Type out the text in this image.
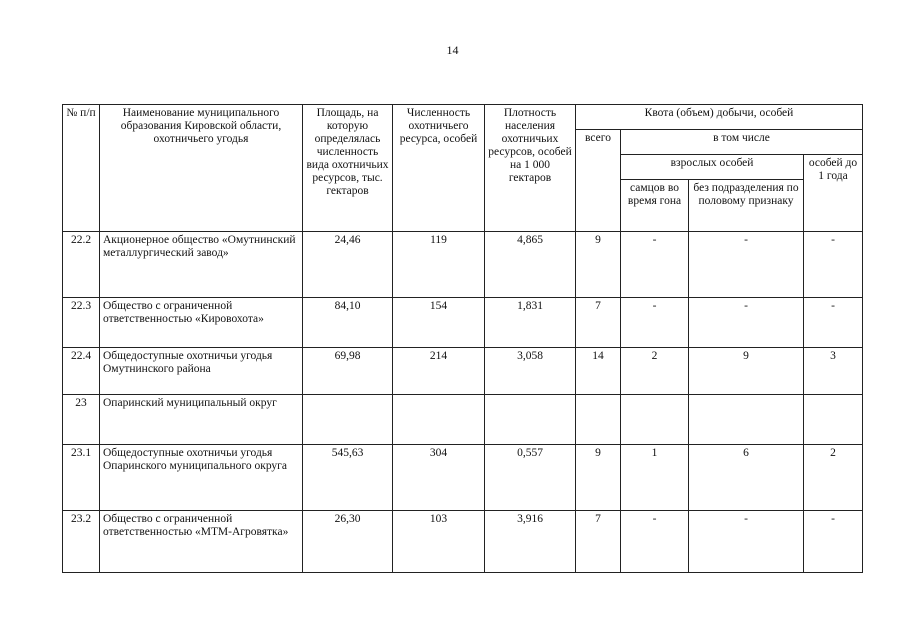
14
№ п/п	Наименование муниципального образования Кировской области, охотничьего угодья	Площадь, на которую определялась численность вида охотничьих ресурсов, тыс. гектаров	Численность охотничьего ресурса, особей	Плотность населения охотничьих ресурсов, особей на 1 000 гектаров	Квота (объем) добычи, особей			
					всего	в том числе		
						взрослых особей		особей до 1 года
						самцов во время гона	без подразделения по половому признаку	
22.2	Акционерное общество «Омутнинский металлургический завод»	24,46	119	4,865	9	-	-	-
22.3	Общество с ограниченной ответственностью «Кировохота»	84,10	154	1,831	7	-	-	-
22.4	Общедоступные охотничьи угодья Омутнинского района	69,98	214	3,058	14	2	9	3
23	Опаринский муниципальный округ							
23.1	Общедоступные охотничьи угодья Опаринского муниципального округа	545,63	304	0,557	9	1	6	2
23.2	Общество с ограниченной ответственностью «МТМ-Агровятка»	26,30	103	3,916	7	-	-	-
